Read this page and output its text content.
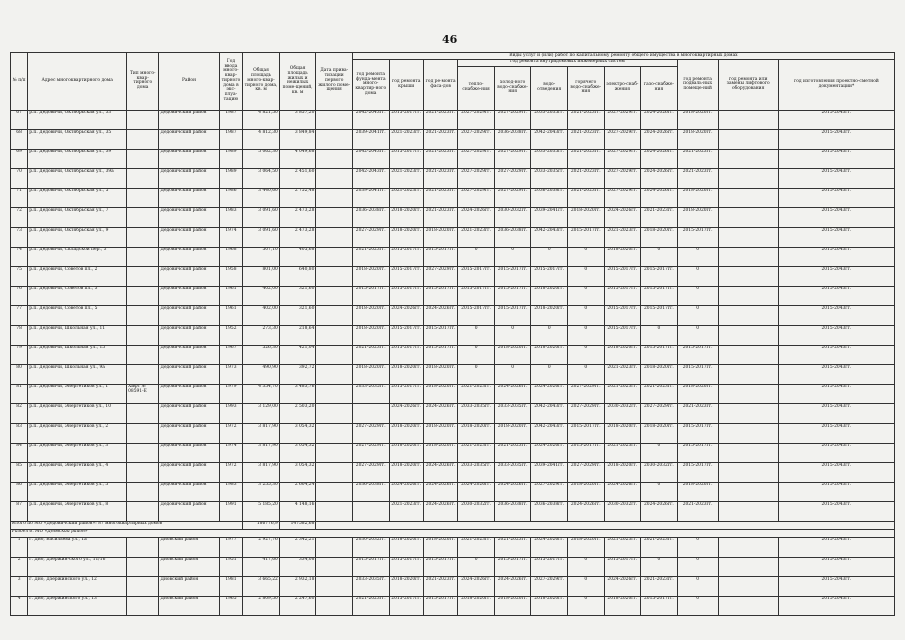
46
№ п/п	Адрес многоквартирного дома	Тип много-квар-тирного дома	Район	Год ввода много-квар-тирного дома в экс-плуа-тацию	Общая площадь много-квар-тирного дома, кв. м	Общая площадь жилых и нежилых поме-щений, кв. м	Дата прива-тизации первого жилого поме-щения	Виды услуг и (или) работ по капитальному ремонту общего имущества в многоквартирных домах											
								год ремонта фунда-мента много-квартир-ного дома	год ремонта крыши	год ре-монта фаса-дов	год ремонта внутридомовых инженерных систем						год ремонта подваль-ных помеще-ний	год ремонта или замены лифтового оборудования	год изготовления проектно-сметной документации*
											тепло-снабже-ния	холод-ного водо-снабже-ния	водо-отведения	горячего водо-снабже-ния	электро-снаб-жения	газо-снабже-ния			
67	р.п. Дедовичи, Октябрьская ул., 33		Дедовичский район	1987	4 821,50	3 857,20		2042-2043гг.	2015-2017гг.	2021-2023гг.	2027-2029гг.	2027-2029гг.	2033-2035гг.	2021-2023гг.	2027-2029гг.	2024-2026гг.	2018-2020гг.		2015-2043гг.
68	р.п. Дедовичи, Октябрьская ул., 35		Дедовичский район	1987	4 812,30	3 849,84		2039-2041гг.	2021-2023гг.	2021-2023гг.	2027-2029гг.	2036-2038гг.	2042-2043гг.	2021-2023гг.	2027-2029гг.	2024-2026гг.	2018-2020гг.		2015-2043гг.
69	р.п. Дедовичи, Октябрьская ул., 39		Дедовичский район	1989	5 062,30	4 049,68		2042-2043гг.	2015-2017гг.	2021-2023гг.	2027-2029гг.	2027-2029гг.	2033-2035гг.	2021-2023гг.	2027-2029гг.	2024-2026гг.	2021-2023гг.		2015-2043гг.
70	р.п. Дедовичи, Октябрьская ул., 39а		Дедовичский район	1989	3 064,50	2 451,60		2042-2043гг.	2021-2023гг.	2021-2023гг.	2027-2029гг.	2027-2029гг.	2033-2035гг.	2021-2023гг.	2027-2029гг.	2024-2026гг.	2021-2023гг.		2015-2043гг.
71	р.п. Дедовичи, Октябрьская ул., 5		Дедовичский район	1986	3 440,60	2 752,48		2039-2041гг.	2021-2023гг.	2021-2023гг.	2027-2029гг.	2027-2029гг.	2036-2038гг.	2021-2023гг.	2027-2029гг.	2024-2026гг.	2018-2020гг.		2015-2043гг.
72	р.п. Дедовичи, Октябрьская ул., 7		Дедовичский район	1983	3 091,60	2 473,28		2036-2038гг.	2018-2020гг.	2021-2023гг.	2024-2026гг.	2030-2032гг.	2039-2041гг.	2018-2020гг.	2024-2026гг.	2021-2023гг.	2018-2020гг.		2015-2043гг.
73	р.п. Дедовичи, Октябрьская ул., 9		Дедовичский район	1974	3 091,60	2 473,28		2027-2029гг.	2018-2020гг.	2018-2020гг.	2021-2023гг.	2036-2038гг.	2042-2043гг.	2015-2017гг.	2021-2023гг.	2018-2020гг.	2015-2017гг.		2015-2043гг.
74	р.п. Дедовичи, Складской пер., 3		Дедовичский район	1968	507,10	405,68		2021-2023гг.	2015-2017гг.	2015-2017гг.	0	0	0	0	2018-2020гг.	0	0		2015-2043гг.
75	р.п. Дедовичи, Советов пл., 2		Дедовичский район	1958	801,00	640,80		2018-2020гг.	2015-2017гг.	2027-2029гг.	2015-2017гг.	2015-2017гг.	2015-2017гг.	0	2015-2017гг.	2015-2017гг.	0		2015-2043гг.
76	р.п. Дедовичи, Советов пл., 3		Дедовичский район	1961	402,00	321,60		2015-2017гг.	2015-2017гг.	2015-2017гг.	2015-2017гг.	2015-2017гг.	2018-2020гг.	0	2015-2017гг.	2015-2017гг.	0		2015-2043гг.
77	р.п. Дедовичи, Советов пл., 5		Дедовичский район	1961	402,00	321,60		2018-2020гг.	2024-2026гг.	2024-2026гг.	2015-2017гг.	2015-2017гг.	2018-2020гг.	0	2015-2017гг.	2015-2017гг.	0		2015-2043гг.
78	р.п. Дедовичи, Школьная ул., 11		Дедовичский район	1952	273,30	218,64		2018-2020гг.	2015-2017гг.	2015-2017гг.	0	0	0	0	2015-2017гг.	0	0		2015-2043гг.
79	р.п. Дедовичи, Школьная ул., 15		Дедовичский район	1967	526,30	421,04		2021-2023гг.	2015-2017гг.	2015-2017гг.	0	2018-2020гг.	2018-2020гг.	0	2018-2020гг.	2015-2017гг.	2015-2017гг.		2015-2043гг.
80	р.п. Дедовичи, Школьная ул., 9а		Дедовичский район	1973	490,90	392,72		2018-2020гг.	2018-2020гг.	2018-2020гг.	0	0	0	0	2021-2023гг.	2018-2020гг.	2015-2017гг.		2015-2043гг.
81	р.п. Дедовичи, Энергетиков ул., 1	Хифт № 08591-Е	Дедовичский район	1979	4 354,70	3 483,76		2033-2035гг.	2015-2017гг.	2018-2020гг.	2021-2023гг.	2024-2026гг.	2024-2026гг.	2027-2029гг.	2021-2023гг.	2021-2023гг.	2018-2020гг.		2015-2043гг.
82	р.п. Дедовичи, Энергетиков ул., 10		Дедовичский район	1993	3 129,00	2 503,20			2024-2026гг.	2024-2026гг.	2033-2035гг.	2033-2035гг.	2042-2043гг.	2027-2029гг.	2030-2032гг.	2027-2029гг.	2021-2023гг.		2015-2043гг.
83	р.п. Дедовичи, Энергетиков ул., 2		Дедовичский район	1972	3 817,90	3 054,32		2027-2029гг.	2018-2020гг.	2018-2020гг.	2018-2020гг.	2018-2020гг.	2042-2043гг.	2015-2017гг.	2018-2020гг.	2018-2020гг.	2015-2017гг.		2015-2043гг.
84	р.п. Дедовичи, Энергетиков ул., 3		Дедовичский район	1974	3 817,90	3 054,32		2027-2029гг.	2018-2020гг.	2018-2020гг.	2021-2023гг.	2021-2023гг.	2024-2026гг.	2015-2017гг.	2021-2023гг.	0	2015-2017гг.		2015-2043гг.
85	р.п. Дедовичи, Энергетиков ул., 4		Дедовичский район	1972	3 817,90	3 054,32		2027-2029гг.	2018-2020гг.	2024-2026гг.	2033-2035гг.	2033-2035гг.	2039-2041гг.	2027-2029гг.	2018-2020гг.	2030-2032гг.	2015-2017гг.		2015-2043гг.
86	р.п. Дедовичи, Энергетиков ул., 5		Дедовичский район	1983	3 255,30	2 604,24		2036-2038гг.	2024-2026гг.	2024-2026гг.	2024-2026гг.	2024-2026гг.	2027-2029гг.	2018-2020гг.	2024-2026гг.	0	2018-2020гг.		2015-2043гг.
87	р.п. Дедовичи, Энергетиков ул., 8		Дедовичский район	1991	5 185,20	4 148,16			2021-2023гг.	2024-2026гг.	2030-2032гг.	2036-2038гг.	2036-2038гг.	2024-2026гг.	2030-2032гг.	2024-2026гг.	2021-2023гг.		2015-2043гг.
Итого по МО «Дедовичский район»: 87 многоквартирных домов					186776,9	147582,68													
Раздел 6. МО «Дновский район»																			
1	г. Дно, Васильева ул., 1а		Дновский район	1977	2 927,76	2 342,21		2030-2032гг.	2018-2020гг.	2018-2020гг.	2021-2023гг.	2021-2023гг.	2024-2026гг.	2018-2020гг.	2021-2023гг.	2021-2023гг.	0		2015-2043гг.
2	г. Дно, Дзержин-ского ул., 11/16		Дновский район	1951	417,60	334,08		2015-2017гг.	2015-2017гг.	2015-2017гг.	0	2015-2017гг.	2015-2017гг.	0	2015-2017гг.	0	0		2015-2043гг.
3	г. Дно, Дзержинского ул., 12		Дновский район	1981	3 665,22	2 932,18		2033-2035гг.	2018-2020гг.	2021-2023гг.	2024-2026гг.	2024-2026гг.	2027-2029гг.	0	2024-2026гг.	2021-2023гг.	0		2015-2043гг.
4	г. Дно, Дзержинского ул., 13		Дновский район	1965	2 809,50	2 247,60		2021-2023гг.	2015-2017гг.	2015-2017гг.	2018-2020гг.	2018-2020гг.	2018-2020гг.	0	2018-2020гг.	2015-2017гг.	0		2015-2043гг.
